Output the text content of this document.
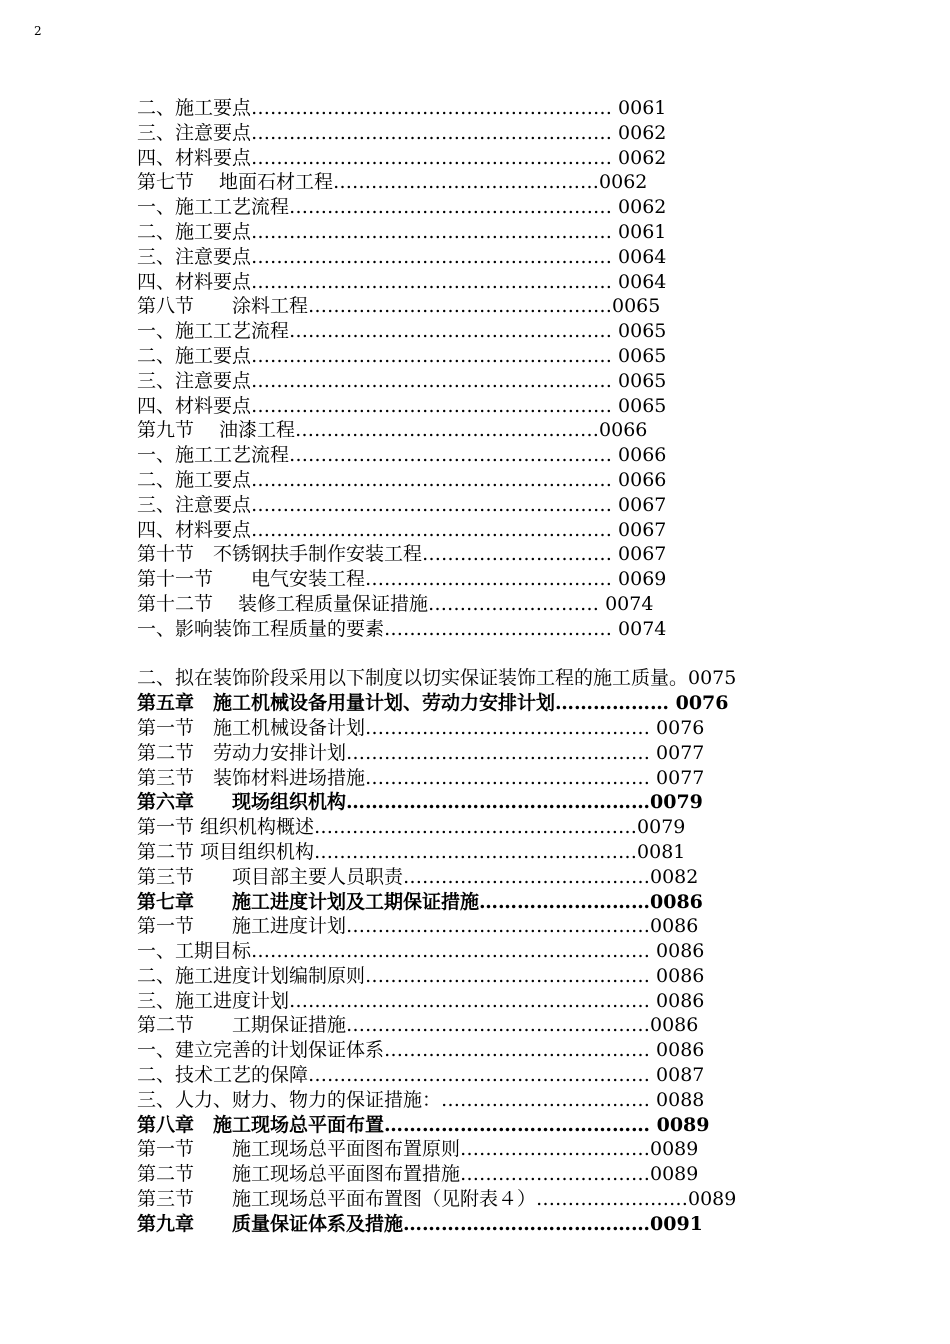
2
二、施工要点………………………………………………… 0061
三、注意要点………………………………………………… 0062
四、材料要点………………………………………………… 0062
第七节　 地面石材工程……………………………………0062
一、施工工艺流程…………………………………………… 0062
二、施工要点………………………………………………… 0061
三、注意要点………………………………………………… 0064
四、材料要点………………………………………………… 0064
第八节　　涂料工程…………………………………………0065
一、施工工艺流程…………………………………………… 0065
二、施工要点………………………………………………… 0065
三、注意要点………………………………………………… 0065
四、材料要点………………………………………………… 0065
第九节　 油漆工程…………………………………………0066
一、施工工艺流程…………………………………………… 0066
二、施工要点………………………………………………… 0066
三、注意要点………………………………………………… 0067
四、材料要点………………………………………………… 0067
第十节　不锈钢扶手制作安装工程………………………… 0067
第十一节　　电气安装工程………………………………… 0069
第十二节　 装修工程质量保证措施……………………… 0074
一、影响装饰工程质量的要素……………………………… 0074
二、拟在装饰阶段采用以下制度以切实保证装饰工程的施工质量。0075
第五章　施工机械设备用量计划、劳动力安排计划……………… 0076
第一节　施工机械设备计划……………………………………… 0076
第二节　劳动力安排计划………………………………………… 0077
第三节　装饰材料进场措施……………………………………… 0077
第六章　　现场组织机构…………………………………………0079
第一节 组织机构概述……………………………………………0079
第二节 项目组织机构……………………………………………0081
第三节　　项目部主要人员职责…………………………………0082
第七章　　施工进度计划及工期保证措施………………………0086
第一节　　施工进度计划…………………………………………0086
一、工期目标……………………………………………………… 0086
二、施工进度计划编制原则……………………………………… 0086
三、施工进度计划………………………………………………… 0086
第二节　　工期保证措施…………………………………………0086
一、建立完善的计划保证体系…………………………………… 0086
二、技术工艺的保障……………………………………………… 0087
三、人力、财力、物力的保证措施：…………………………… 0088
第八章　施工现场总平面布置…………………………………… 0089
第一节　　施工现场总平面图布置原则…………………………0089
第二节　　施工现场总平面图布置措施…………………………0089
第三节　　施工现场总平面布置图（见附表４）……………………0089
第九章　　质量保证体系及措施…………………………………0091
